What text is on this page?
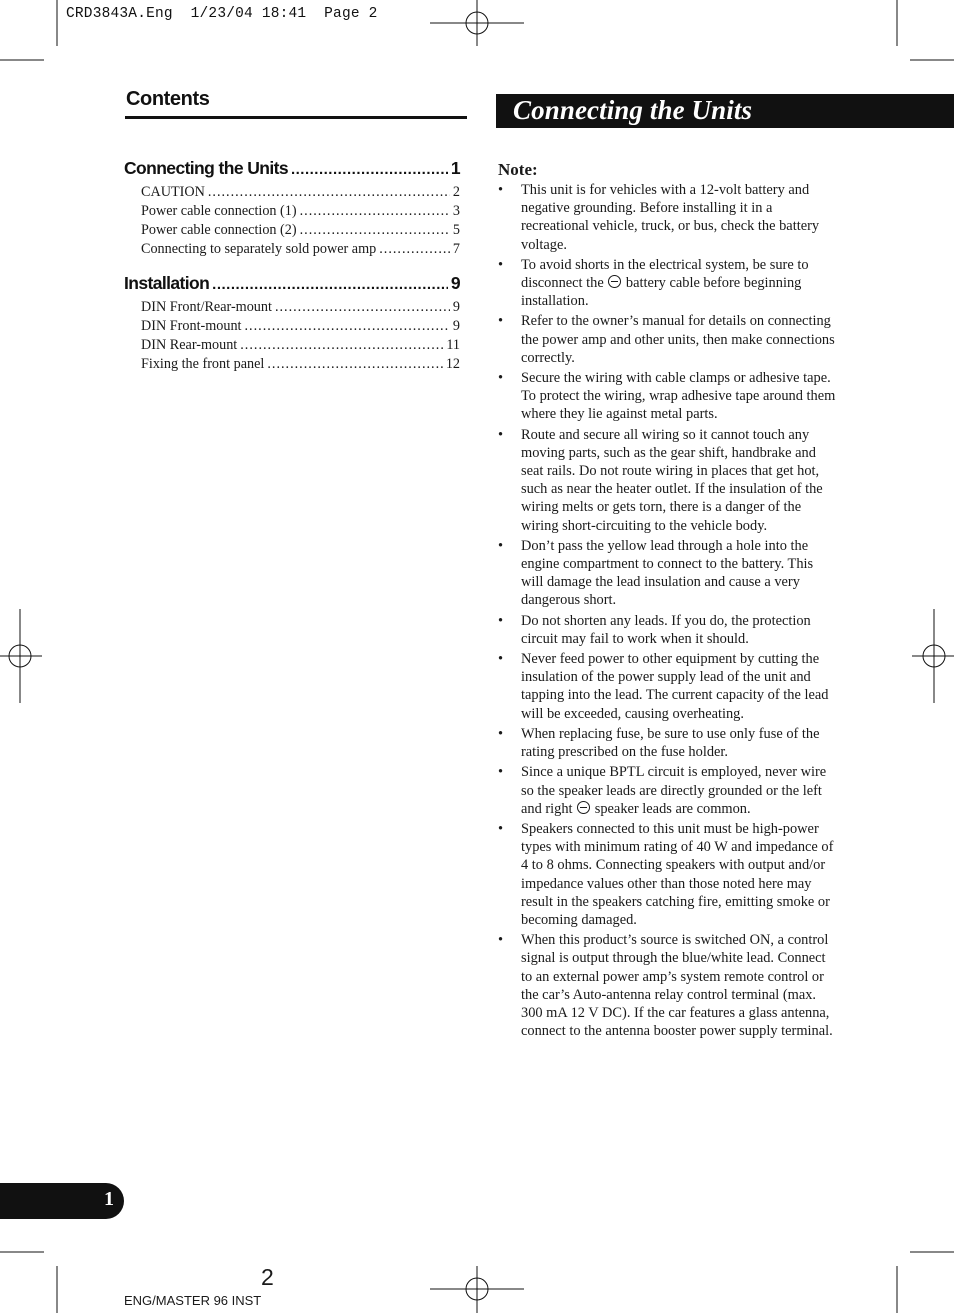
CRD3843A.Eng  1/23/04 18:41  Page 2
Contents
Connecting the Units .....	1
CAUTION .....	2
Power cable connection (1) .....	3
Power cable connection (2) .....	5
Connecting to separately sold power amp .....	7
Installation .....	9
DIN Front/Rear-mount .....	9
DIN Front-mount .....	9
DIN Rear-mount .....	11
Fixing the front panel .....	12
Connecting the Units
Note:
• This unit is for vehicles with a 12-volt battery and negative grounding. Before installing it in a recreational vehicle, truck, or bus, check the battery voltage.
• To avoid shorts in the electrical system, be sure to disconnect the  battery cable before beginning installation.
• Refer to the owner’s manual for details on connecting the power amp and other units, then make connections correctly.
• Secure the wiring with cable clamps or adhesive tape. To protect the wiring, wrap adhesive tape around them where they lie against metal parts.
• Route and secure all wiring so it cannot touch any moving parts, such as the gear shift, handbrake and seat rails. Do not route wiring in places that get hot, such as near the heater outlet. If the insulation of the wiring melts or gets torn, there is a danger of the wiring short-circuiting to the vehicle body.
• Don’t pass the yellow lead through a hole into the engine compartment to connect to the battery. This will damage the lead insulation and cause a very dangerous short.
• Do not shorten any leads. If you do, the protection circuit may fail to work when it should.
• Never feed power to other equipment by cutting the insulation of the power supply lead of the unit and tapping into the lead. The current capacity of the lead will be exceeded, causing overheating.
• When replacing fuse, be sure to use only fuse of the rating prescribed on the fuse holder.
• Since a unique BPTL circuit is employed, never wire so the speaker leads are directly grounded or the left and right  speaker leads are common.
• Speakers connected to this unit must be high-power types with minimum rating of 40 W and impedance of 4 to 8 ohms. Connecting speakers with output and/or impedance values other than those noted here may result in the speakers catching fire, emitting smoke or becoming damaged.
• When this product’s source is switched ON, a control signal is output through the blue/white lead. Connect to an external power amp’s system remote control or the car’s Auto-antenna relay control terminal (max. 300 mA 12 V DC). If the car features a glass antenna, connect to the antenna booster power supply terminal.
1
2
ENG/MASTER 96 INST
